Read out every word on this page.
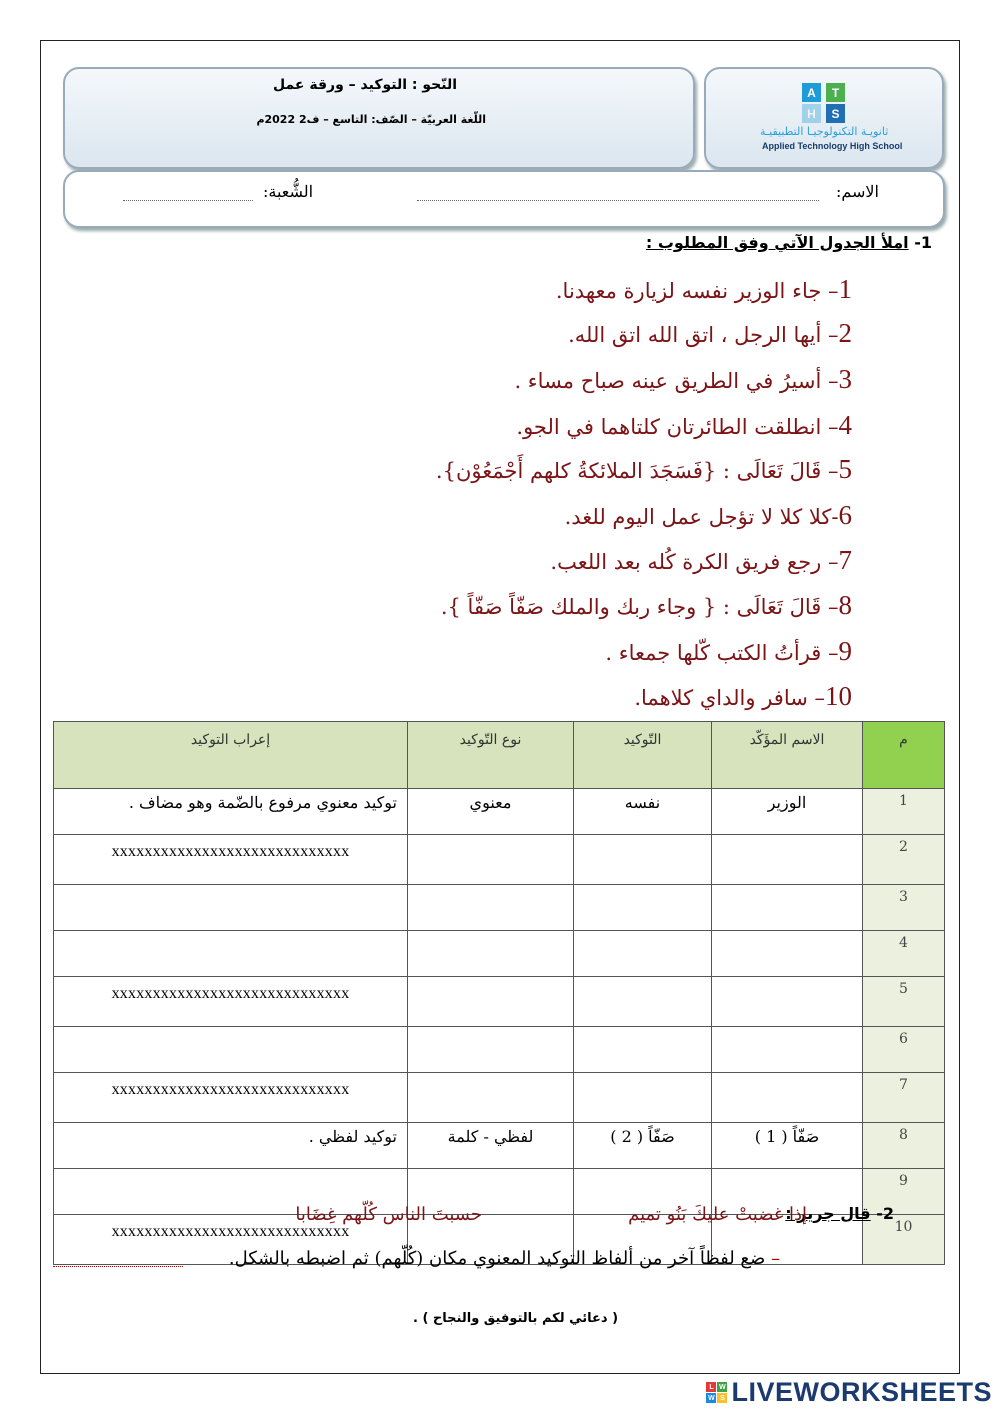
A	T
H	S
ثانويـة التكنولوجيـا التطبيقيـة
Applied Technology High School
النّحو : التوكيد – ورقة عمل
اللّغة العربيّة – الصّف: التاسع – ف2 2022م
الاسم:
الشُّعبة:
1- املأ الجدول الآتي وفق المطلوب :
1– جاء الوزير نفسه لزيارة معهدنا.
2– أيها الرجل ، اتق الله اتق الله.
3– أسيرُ في الطريق عينه صباح مساء .
4– انطلقت الطائرتان كلتاهما في الجو.
5– قَالَ تَعَالَى : {فَسَجَدَ الملائكةُ كلهم أَجْمَعُوْن}.
6-كلا كلا لا تؤجل عمل اليوم للغد.
7– رجع فريق الكرة كُله بعد اللعب.
8– قَالَ تَعَالَى : { وجاء ربك والملك صَفّاً صَفّاً }.
9– قرأتُ الكتب كّلها جمعاء .
10– سافر والداي كلاهما.
م	الاسم المؤَكّد	التّوكيد	نوع التّوكيد	إعراب التوكيد
1	الوزير	نفسه	معنوي	توكيد معنوي مرفوع بالضّمة وهو مضاف .
2				xxxxxxxxxxxxxxxxxxxxxxxxxxxxx
3				
4				
5				xxxxxxxxxxxxxxxxxxxxxxxxxxxxx
6				
7				xxxxxxxxxxxxxxxxxxxxxxxxxxxxx
8	صَفّاً ( 1 )	صَفّاً ( 2 )	لفظي - كلمة	توكيد لفظي .
9				
10				xxxxxxxxxxxxxxxxxxxxxxxxxxxxx
2- قال جرير :
إذا غضبتْ عليكَ بَنُو تميم
حسبتَ الناس كُلّهم غِضَابا
– ضع لفظاً آخر من ألفاظ التوكيد المعنوي مكان (كُلّهم) ثم اضبطه بالشكل.
( دعائي لكم بالتوفيق والنجاح ) .
L W
W S LIVEWORKSHEETS
